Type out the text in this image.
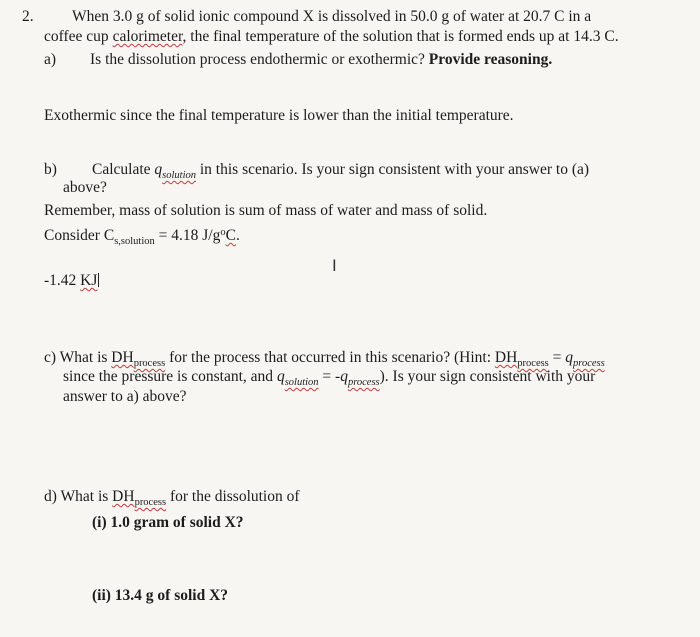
2. When 3.0 g of solid ionic compound X is dissolved in 50.0 g of water at 20.7 C in a
coffee cup calorimeter, the final temperature of the solution that is formed ends up at 14.3 C.
a) Is the dissolution process endothermic or exothermic? Provide reasoning.
Exothermic since the final temperature is lower than the initial temperature.
b) Calculate $q_{solution}$ in this scenario. Is your sign consistent with your answer to (a)
above?
Remember, mass of solution is sum of mass of water and mass of solid.
Consider $C_{s,solution} = 4.18$ $J/g^oC$.
I
-1.42 KJ
c) What is $DH_{process}$ for the process that occurred in this scenario? (Hint: $DH_{process} = q_{process}$
since the pressure is constant, and $q_{solution} = -q_{process}$). Is your sign consistent with your
answer to a) above?
d) What is $DH_{process}$ for the dissolution of
(i) 1.0 gram of solid X?
(ii) 13.4 g of solid X?
